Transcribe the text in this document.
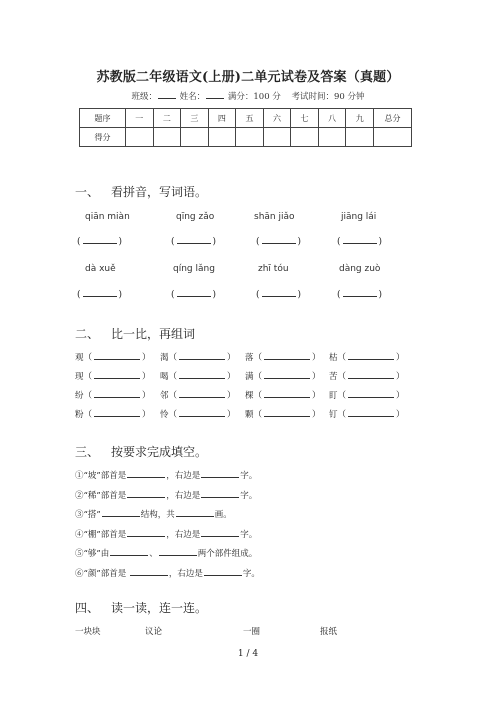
苏教版二年级语文(上册)二单元试卷及答案（真题）
班级：	姓名：	满分：100 分 考试时间：90 分钟
题序	一	二	三	四	五	六	七	八	九	总分
得分										
一、 看拼音，写词语。
qiān miàn	qīng zǎo	shān jiǎo	jiāng lái
(	)	(	)	(	)	(	)
dà xuě	qíng lǎng	zhī tóu	dàng zuò
(	)	(	)	(	)	(	)
二、 比一比，再组词
观（	） 渴（	） 落（	） 枯（	）
现（	） 喝（	） 满（	） 苦（	）
纷（	） 邻（	） 棵（	） 盯（	）
粉（	） 怜（	） 颗（	） 钉（	）
三、 按要求完成填空。
①“坡”部首是	，右边是	字。
②“稀”部首是	，右边是	字。
③“搭”	结构，共	画。
④“棚”部首是	，右边是	字。
⑤“够”由	、	两个部件组成。
⑥“颜”部首是	，右边是	字。
四、 读一读，连一连。
一块块	议论	一圈	报纸
1 / 4
